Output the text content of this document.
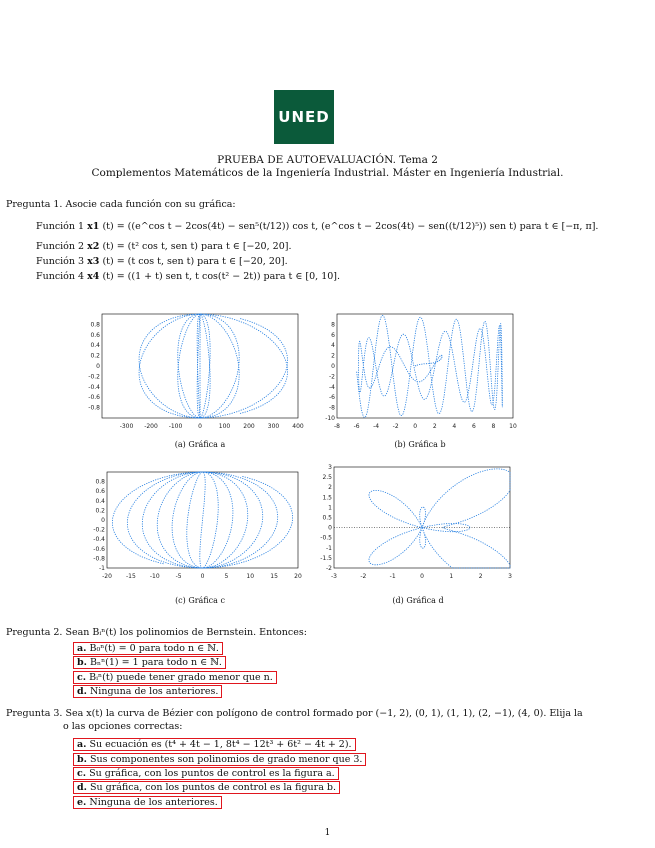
UNED
PRUEBA DE AUTOEVALUACIÓN. Tema 2
Complementos Matemáticos de la Ingeniería Industrial. Máster en Ingeniería Industrial.
Pregunta 1. Asocie cada función con su gráfica:
Función 1 x1 (t) = ((e^cos t − 2cos(4t) − sen⁵(t/12)) cos t, (e^cos t − 2cos(4t) − sen((t/12)⁵)) sen t) para t ∈ [−π, π].
Función 2 x2 (t) = (t² cos t, sen t) para t ∈ [−20, 20].
Función 3 x3 (t) = (t cos t, sen t) para t ∈ [−20, 20].
Función 4 x4 (t) = ((1 + t) sen t, t cos(t² − 2t)) para t ∈ [0, 10].
-300 -200 -100	0	100 200 300 400
0.8
0.6
0.4
0.2
0
-0.2
-0.4
-0.6
-0.8
-8 -6 -4 -2 0	2	4	6	8 10
8
6
4
2
0
-2
-4
-6
-8
-10
-20 -15 -10	-5	0	5	10	15	20
0.8
0.6
0.4
0.2
0
-0.2
-0.4
-0.6
-0.8
-1
-3	-2	-1	0	1	2	3
3
2.5
2
1.5
1
0.5
0
-0.5
-1
-1.5
-2
(a) Gráfica a	(b) Gráfica b
(c) Gráfica c	(d) Gráfica d
Pregunta 2. Sean Bᵢⁿ(t) los polinomios de Bernstein. Entonces:
a. B₀ⁿ(t) = 0 para todo n ∈ ℕ.
b. Bₙⁿ(1) = 1 para todo n ∈ ℕ.
c. Bᵢⁿ(t) puede tener grado menor que n.
d. Ninguna de los anteriores.
Pregunta 3. Sea x(t) la curva de Bézier con polígono de control formado por (−1, 2), (0, 1), (1, 1), (2, −1), (4, 0). Elija la
o las opciones correctas:
a. Su ecuación es (t⁴ + 4t − 1, 8t⁴ − 12t³ + 6t² − 4t + 2).
b. Sus componentes son polinomios de grado menor que 3.
c. Su gráfica, con los puntos de control es la figura a.
d. Su gráfica, con los puntos de control es la figura b.
e. Ninguna de los anteriores.
1
